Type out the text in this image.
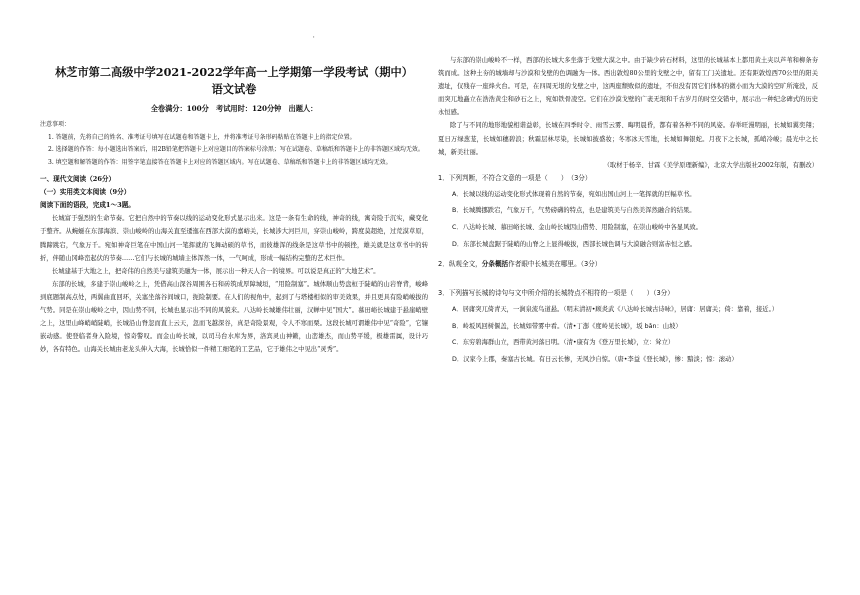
'
林芝市第二高级中学2021-2022学年高一上学期第一学段考试（期中）
语文试卷
全卷满分：100分　考试用时：120分钟　出题人：

注意事项：

1. 答题前，先将自己的姓名、准考证号填写在试题卷和答题卡上，并将准考证号条形码粘贴在答题卡上的指定位置。

2. 选择题的作答：每小题选出答案后，用2B铅笔把答题卡上对应题目的答案标号涂黑；写在试题卷、草稿纸和答题卡上的非答题区域均无效。

3. 填空题和解答题的作答：用签字笔直接答在答题卡上对应的答题区域内。写在试题卷、草稿纸和答题卡上的非答题区域均无效。

一、现代文阅读（26分）

（一）实用类文本阅读（9分）

阅读下面的语段，完成1～3题。

长城富于强烈的生命节奏。它把自然中的节奏以线的运动变化形式显示出来。这是一条有生命的线，神奇的线，寓奇险于沉实，藏变化于整齐。从蜿蜒在东部海滨、崇山峻岭的山海关直至逶迤在西部大漠的嘉峪关，长城涉大河巨川，穿崇山峻岭，跨度莫超绝，过荒漠草原，腾蹄跳宕，气象万千。宛如神奇巨笔在中国山河一笔挥就的飞舞动硕的草书，而彼雄浑的线条是这草书中的顿挫，雄关就是这草书中的转折，伴随山冈峰峦起伏的节奏……它们与长城的城墙主体浑然一体，一气呵成，形成一幅结构完整的艺术巨作。

长城建基于大地之上，把奇伟的自然美与建筑美融为一体，展示出一种天人合一的境界。可以说是真正的“大地艺术”。

东部的长城，多建于崇山峻岭之上，凭借高山深谷周围各石和砖筑成厚障城垣，“用险制塞”。城体顺山势盘桓于陡峭的山岩脊背，峻峰到底题制高点处，两翼曲直回环，关塞坐落谷间城口，扼险制要。在人们的视角中，起到了与塔楼相似的审美效果，并且更具有险峭峻拔的气势。同是在崇山峻岭之中，因山势不同，长城也显示出不同的风貌来。八达岭长城雄伟壮丽，汉蝉中见“国大”。慕田峪长城建于悬崖峭壁之上，这里山峰峭峭陡峭，长城沿山脊忽而直上云天，忽而飞越深谷，真是奇险景观，令人不寒而栗。这段长城可谓雄伟中见“奇险”，它镶嵌动感。使登临者身入险境，惊奇警叹。而金山岭长城，以司马台水库为界，洛宾灵山神籁，山峦雄杰，而山势平缓，极雄雷属，设计巧妙，各有特色。山海关长城由老龙头伸入大海，长城恰似一件精工细笔的工艺品，它于雄伟之中见出“灵秀”。

与东部的崇山峻岭不一样，西部的长城大多坐落于戈壁大漠之中。由于缺少砖石材料，这里的长城基本上都用黄土夹以芦苇和柳条夯筑而成。这种土夯的城墙却与沙漠和戈壁的色调融为一体。西出敦煌80公里的戈壁之中，留有工门关遗址。还有距敦煌西70公里的阳关遗址，仅残存一座烽火台。可是，在四周无垠的戈壁之中，这两座颓败似的遗址，不但没有因它们体积的微小而为大漠的空旷所淹没，反而突兀地矗立在浩浩黄尘和砂石之上，宛如铁骨凌空。它们在沙漠戈壁的广袤无垠和千古岁月的时空交错中，展示出一种纪念碑式的历史永恒感。

除了与不同的地形地貌相谐益彰，长城在四季时令、雨雪云雾、晦明晨昏，都有着各种不同的风姿。春举旺漫明丽，长城如翼奕翔；夏日万绿葱茏，长城如穗碧浪；秋霜层林尽染，长城如披盛妆；冬寒冰天雪地，长城如舞银蛇。月夜下之长城，孤峭冷峻；晨光中之长城，新美壮丽。

（取材于杨辛、甘霖《美学原理新编》，北京大学出版社2002年版，有删改）

1．下列判断，不符合文意的一项是（　　）　（3分）

A．长城以线的运动变化形式体现着自然的节奏，宛如出国山河上一笔挥就的巨幅草书。

B．长城腾挪跌宕，气象万千，气势磅礴的特点，也是建筑美与自然美浑然融合的结果。

C．八达岭长城、慕田峪长城、金山岭长城因山借势、用险制塞，在崇山峻岭中各显风致。

D．东部长城盘踞于陡峭的山脊之上显得峻拔，西部长城色调与大漠融合则富赤恒之感。

2．纵观全文，分条概括作者眼中长城美在哪里。（3分）

3．下列描写长城的诗句与文中所介绍的长城特点不相符的一项是（　　）（3分）

A．居庸突兀倚青天，一涧泉流鸟道悬。（明末清初•顾炎武《八达岭长城古诗咏》，居庸：居庸关；倚：靠着，接近。）

B．岭坂风回树偃盖，长城如带雾中看。（清•丁澎《度岭见长城》，坂 bǎn：山坡）

C．东穷碧海群山立，西带黄河落日明。（清•康有为《登万里长城》，立：耸立）

D．汉家今上郡，秦塞古长城。有日云长惨，无风沙自惊。（唐•李益《登长城》，惨：黯淡；惊：滚动）
